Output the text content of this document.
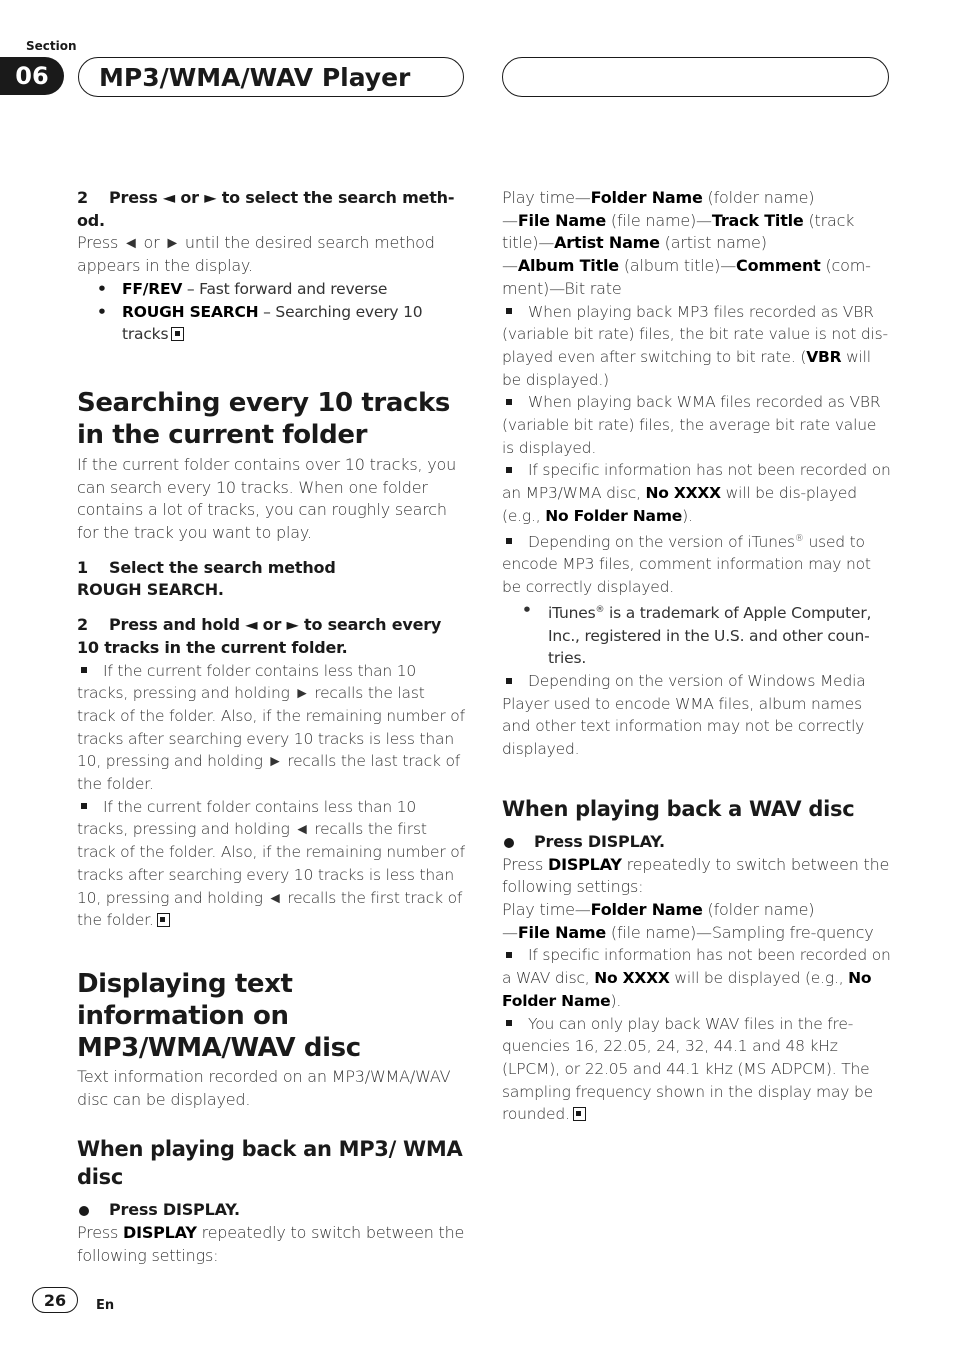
Section
06	MP3/WMA/WAV Player
2 Press ◄ or ► to select the search meth-od.

Press ◄ or ► until the desired search method appears in the display.

• FF/REV – Fast forward and reverse
• ROUGH SEARCH – Searching every 10 tracks
Searching every 10 tracks in the current folder

If the current folder contains over 10 tracks, you can search every 10 tracks. When one folder contains a lot of tracks, you can roughly search for the track you want to play.

1 Select the search method
ROUGH SEARCH.
2 Press and hold ◄ or ► to search every 10 tracks in the current folder.

If the current folder contains less than 10 tracks, pressing and holding ► recalls the last track of the folder. Also, if the remaining number of tracks after searching every 10 tracks is less than 10, pressing and holding ► recalls the last track of the folder.

If the current folder contains less than 10 tracks, pressing and holding ◄ recalls the first track of the folder. Also, if the remaining number of tracks after searching every 10 tracks is less than 10, pressing and holding ◄ recalls the first track of the folder.

Displaying text information on MP3/WMA/WAV disc

Text information recorded on an MP3/WMA/WAV disc can be displayed.

When playing back an MP3/ WMA disc
Press DISPLAY.

Press DISPLAY repeatedly to switch between the following settings:

Play time—Folder Name (folder name)
—File Name (file name)—Track Title (track title)—Artist Name (artist name)
—Album Title (album title)—Comment (com-ment)—Bit rate

When playing back MP3 files recorded as VBR (variable bit rate) files, the bit rate value is not dis-played even after switching to bit rate. (VBR will be displayed.)

When playing back WMA files recorded as VBR (variable bit rate) files, the average bit rate value is displayed.

If specific information has not been recorded on an MP3/WMA disc, No XXXX will be dis-played (e.g., No Folder Name).

Depending on the version of iTunes® used to encode MP3 files, comment information may not be correctly displayed.

• iTunes® is a trademark of Apple Computer, Inc., registered in the U.S. and other coun-tries.

Depending on the version of Windows Media Player used to encode WMA files, album names and other text information may not be correctly displayed.

When playing back a WAV disc
Press DISPLAY.

Press DISPLAY repeatedly to switch between the following settings:

Play time—Folder Name (folder name)
—File Name (file name)—Sampling fre-quency

If specific information has not been recorded on a WAV disc, No XXXX will be displayed (e.g., No Folder Name).

You can only play back WAV files in the fre-quencies 16, 22.05, 24, 32, 44.1 and 48 kHz (LPCM), or 22.05 and 44.1 kHz (MS ADPCM). The sampling frequency shown in the display may be rounded.

26	En
